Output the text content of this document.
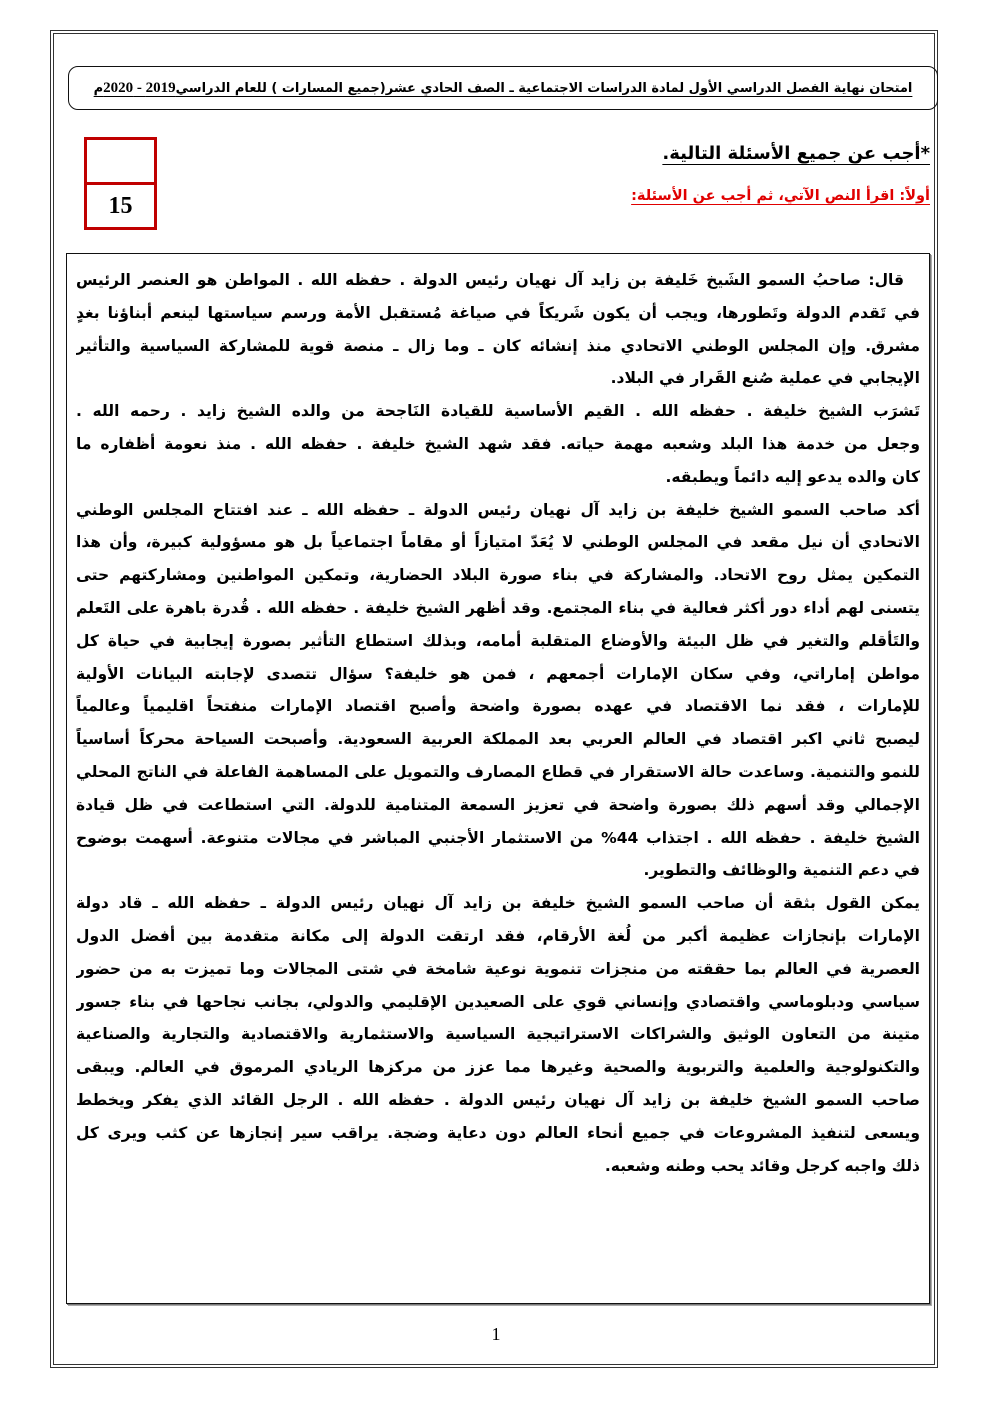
امتحان نهاية الفصل الدراسي الأول لمادة الدراسات الاجتماعية ـ الصف الحادي عشر(جميع المسارات ) للعام الدراسي2019 - 2020م
15
*أجب عن جميع الأسئلة التالية.
أولاً: اقرأ النص الآتي، ثم أجب عن الأسئلة:
قال: صاحبُ السمو الشَيخ خَليفة بن زايد آل نهيان رئيس الدولة . حفظه الله . المواطن هو العنصر الرئيس
في تَقدم الدولة وتَطورها، ويجب أن يكون شَريكاً في صياغة مُستقبل الأمة ورسم سياستها لينعم أبناؤنا بغدٍ
مشرق. وإن المجلس الوطني الاتحادي منذ إنشائه كان ـ وما زال ـ منصة قوية للمشاركة السياسية والتأثير
الإيجابي في عملية صُنع القَرار في البلاد.
تَشرَب الشيخ خليفة . حفظه الله . القيم الأساسية للقيادة النَاجحة من والده الشيخ زايد . رحمه الله .
وجعل من خدمة هذا البلد وشعبه مهمة حياته. فقد شهد الشيخ خليفة . حفظه الله . منذ نعومة أظفاره ما
كان والده يدعو إليه دائماً ويطبقه.
أكد صاحب السمو الشيخ خليفة بن زايد آل نهيان رئيس الدولة ـ حفظه الله ـ عند افتتاح المجلس الوطني
الاتحادي أن نيل مقعد في المجلس الوطني لا يُعَدّ امتيازاً أو مقاماً اجتماعياً بل هو مسؤولية كبيرة، وأن هذا
التمكين يمثل روح الاتحاد. والمشاركة في بناء صورة البلاد الحضارية، وتمكين المواطنين ومشاركتهم حتى
يتسنى لهم أداء دور أكثر فعالية في بناء المجتمع. وقد أظهر الشيخ خليفة . حفظه الله . قُدرة باهرة على التَعلم
والتَأقلم والتغير في ظل البيئة والأوضاع المتقلبة أمامه، وبذلك استطاع التأثير بصورة إيجابية في حياة كل
مواطن إماراتي، وفي سكان الإمارات أجمعهم ، فمن هو خليفة؟ سؤال تتصدى لإجابته البيانات الأولية
للإمارات ، فقد نما الاقتصاد في عهده بصورة واضحة وأصبح اقتصاد الإمارات منفتحاً اقليمياً وعالمياً
ليصبح ثاني اكبر اقتصاد في العالم العربي بعد المملكة العربية السعودية. وأصبحت السياحة محركاً أساسياً
للنمو والتنمية. وساعدت حالة الاستقرار في قطاع المصارف والتمويل على المساهمة الفاعلة في الناتج المحلي
الإجمالي وقد أسهم ذلك بصورة واضحة في تعزيز السمعة المتنامية للدولة. التي استطاعت في ظل قيادة
الشيخ خليفة . حفظه الله . اجتذاب 44% من الاستثمار الأجنبي المباشر في مجالات متنوعة. أسهمت بوضوح
في دعم التنمية والوظائف والتطوير.
يمكن القول بثقة أن صاحب السمو الشيخ خليفة بن زايد آل نهيان رئيس الدولة ـ حفظه الله ـ قاد دولة
الإمارات بإنجازات عظيمة أكبر من لُغة الأرقام، فقد ارتقت الدولة إلى مكانة متقدمة بين أفضل الدول
العصرية في العالم بما حققته من منجزات تنموية نوعية شامخة في شتى المجالات وما تميزت به من حضور
سياسي ودبلوماسي واقتصادي وإنساني قوي على الصعيدين الإقليمي والدولي، بجانب نجاحها في بناء جسور
متينة من التعاون الوثيق والشراكات الاستراتيجية السياسية والاستثمارية والاقتصادية والتجارية والصناعية
والتكنولوجية والعلمية والتربوية والصحية وغيرها مما عزز من مركزها الريادي المرموق في العالم. ويبقى
صاحب السمو الشيخ خليفة بن زايد آل نهيان رئيس الدولة . حفظه الله . الرجل القائد الذي يفكر ويخطط
ويسعى لتنفيذ المشروعات في جميع أنحاء العالم دون دعاية وضجة. يراقب سير إنجازها عن كثب ويرى كل
ذلك واجبه كرجل وقائد يحب وطنه وشعبه.
1
